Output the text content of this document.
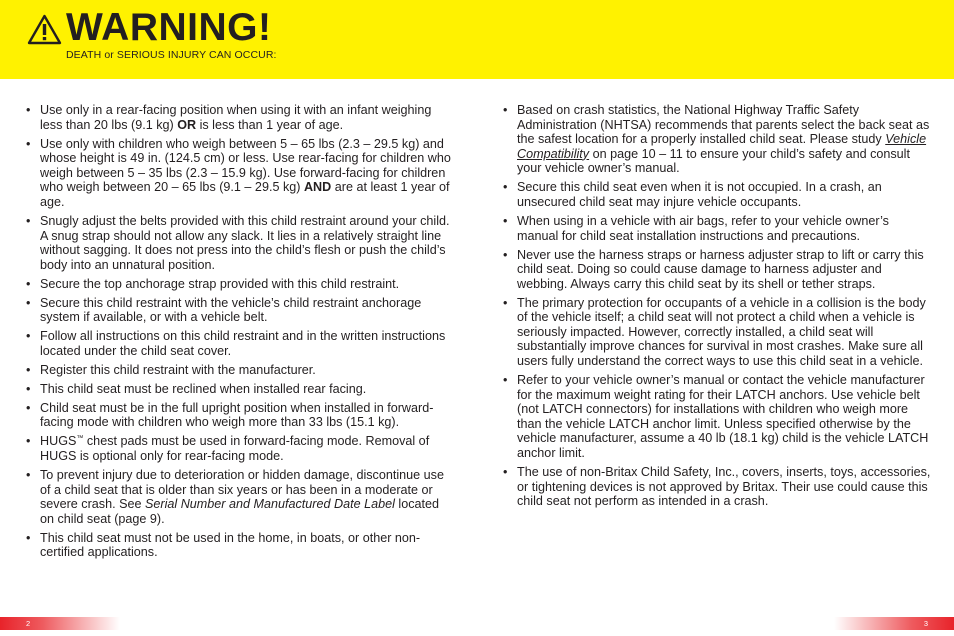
WARNING!
DEATH or SERIOUS INJURY CAN OCCUR:
• Use only in a rear-facing position when using it with an infant weighing less than 20 lbs (9.1 kg) OR is less than 1 year of age.
• Use only with children who weigh between 5 – 65 lbs (2.3 – 29.5 kg) and whose height is 49 in. (124.5 cm) or less. Use rear-facing for children who weigh between 5 – 35 lbs (2.3 – 15.9 kg). Use forward-facing for children who weigh between 20 – 65 lbs (9.1 – 29.5 kg) AND are at least 1 year of age.
• Snugly adjust the belts provided with this child restraint around your child. A snug strap should not allow any slack. It lies in a relatively straight line without sagging. It does not press into the child’s flesh or push the child’s body into an unnatural position.
• Secure the top anchorage strap provided with this child restraint.
• Secure this child restraint with the vehicle’s child restraint anchorage system if available, or with a vehicle belt.
• Follow all instructions on this child restraint and in the written instructions located under the child seat cover.
• Register this child restraint with the manufacturer.
• This child seat must be reclined when installed rear facing.
• Child seat must be in the full upright position when installed in forward-facing mode with children who weigh more than 33 lbs (15.1 kg).
• HUGS™ chest pads must be used in forward-facing mode. Removal of HUGS is optional only for rear-facing mode.
• To prevent injury due to deterioration or hidden damage, discontinue use of a child seat that is older than six years or has been in a moderate or severe crash. See Serial Number and Manufactured Date Label located on child seat (page 9).
• This child seat must not be used in the home, in boats, or other non-certified applications.
• Based on crash statistics, the National Highway Traffic Safety Administration (NHTSA) recommends that parents select the back seat as the safest location for a properly installed child seat. Please study Vehicle Compatibility on page 10 – 11 to ensure your child’s safety and consult your vehicle owner’s manual.
• Secure this child seat even when it is not occupied. In a crash, an unsecured child seat may injure vehicle occupants.
• When using in a vehicle with air bags, refer to your vehicle owner’s manual for child seat installation instructions and precautions.
• Never use the harness straps or harness adjuster strap to lift or carry this child seat. Doing so could cause damage to harness adjuster and webbing. Always carry this child seat by its shell or tether straps.
• The primary protection for occupants of a vehicle in a collision is the body of the vehicle itself; a child seat will not protect a child when a vehicle is seriously impacted. However, correctly installed, a child seat will substantially improve chances for survival in most crashes. Make sure all users fully understand the correct ways to use this child seat in a vehicle.
• Refer to your vehicle owner’s manual or contact the vehicle manufacturer for the maximum weight rating for their LATCH anchors. Use vehicle belt (not LATCH connectors) for installations with children who weigh more than the vehicle LATCH anchor limit. Unless specified otherwise by the vehicle manufacturer, assume a 40 lb (18.1 kg) child is the vehicle LATCH anchor limit.
• The use of non-Britax Child Safety, Inc., covers, inserts, toys, accessories, or tightening devices is not approved by Britax. Their use could cause this child seat not perform as intended in a crash.
2	3
